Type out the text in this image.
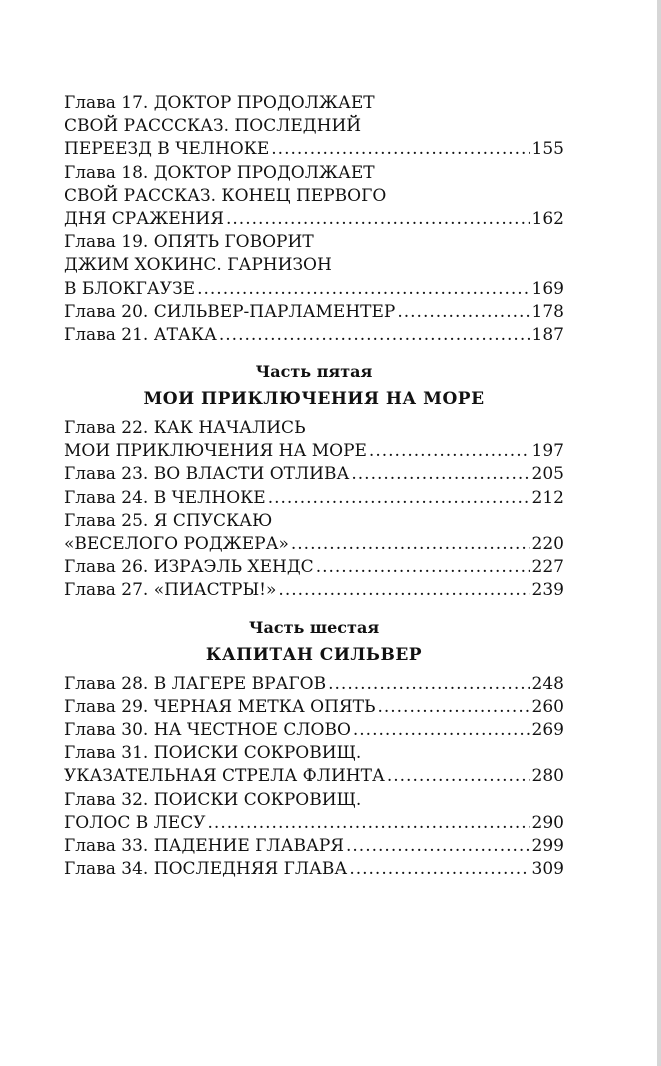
Глава 17. ДОКТОР ПРОДОЛЖАЕТ
СВОЙ РАСССКАЗ. ПОСЛЕДНИЙ
ПЕРЕЕЗД В ЧЕЛНОКЕ .....	155
Глава 18. ДОКТОР ПРОДОЛЖАЕТ
СВОЙ РАССКАЗ. КОНЕЦ ПЕРВОГО
ДНЯ СРАЖЕНИЯ .....	162
Глава 19. ОПЯТЬ ГОВОРИТ
ДЖИМ ХОКИНС. ГАРНИЗОН
В БЛОКГАУЗЕ .....	169
Глава 20. СИЛЬВЕР-ПАРЛАМЕНТЕР .....	178
Глава 21. АТАКА .....	187
Часть пятая
МОИ ПРИКЛЮЧЕНИЯ НА МОРЕ
Глава 22. КАК НАЧАЛИСЬ
МОИ ПРИКЛЮЧЕНИЯ НА МОРЕ .....	197
Глава 23. ВО ВЛАСТИ ОТЛИВА .....	205
Глава 24. В ЧЕЛНОКЕ .....	212
Глава 25. Я СПУСКАЮ
«ВЕСЕЛОГО РОДЖЕРА» .....	220
Глава 26. ИЗРАЭЛЬ ХЕНДС .....	227
Глава 27. «ПИАСТРЫ!» .....	239
Часть шестая
КАПИТАН СИЛЬВЕР
Глава 28. В ЛАГЕРЕ ВРАГОВ .....	248
Глава 29. ЧЕРНАЯ МЕТКА ОПЯТЬ .....	260
Глава 30. НА ЧЕСТНОЕ СЛОВО .....	269
Глава 31. ПОИСКИ СОКРОВИЩ.
УКАЗАТЕЛЬНАЯ СТРЕЛА ФЛИНТА .....	280
Глава 32. ПОИСКИ СОКРОВИЩ.
ГОЛОС В ЛЕСУ .....	290
Глава 33. ПАДЕНИЕ ГЛАВАРЯ .....	299
Глава 34. ПОСЛЕДНЯЯ ГЛАВА .....	309
